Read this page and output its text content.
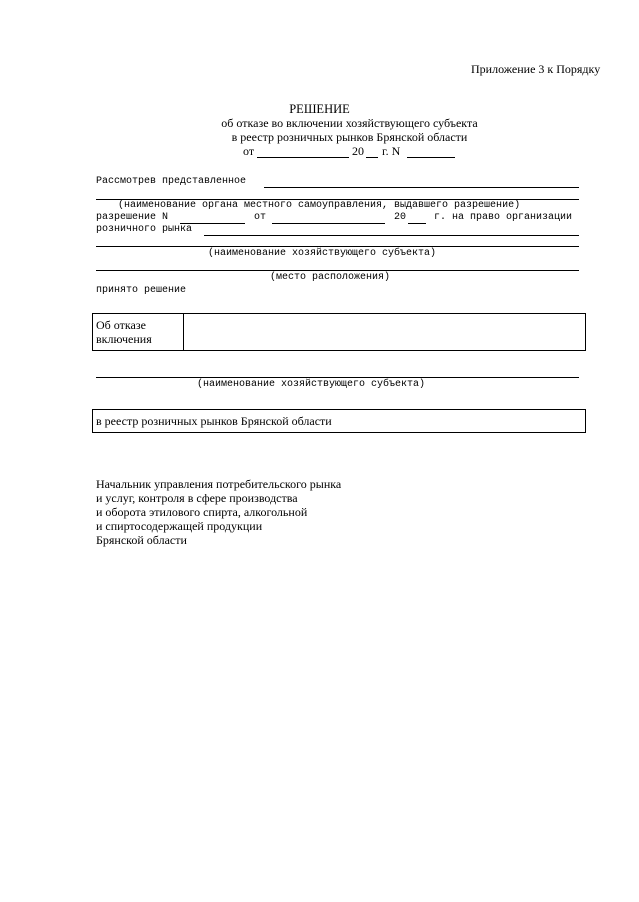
Приложение 3 к Порядку
РЕШЕНИЕ
об отказе во включении хозяйствующего субъекта
в реестр розничных рынков Брянской области
от	20 г. N
Рассмотрев представленное
(наименование органа местного самоуправления, выдавшего разрешение)
разрешение N	от	20	г. на право организации
розничного рынка
(наименование хозяйствующего субъекта)
(место расположения)
принято решение
Об отказе
включения
(наименование хозяйствующего субъекта)
в реестр розничных рынков Брянской области
Начальник управления потребительского рынка
и услуг, контроля в сфере производства
и оборота этилового спирта, алкогольной
и спиртосодержащей продукции
Брянской области
